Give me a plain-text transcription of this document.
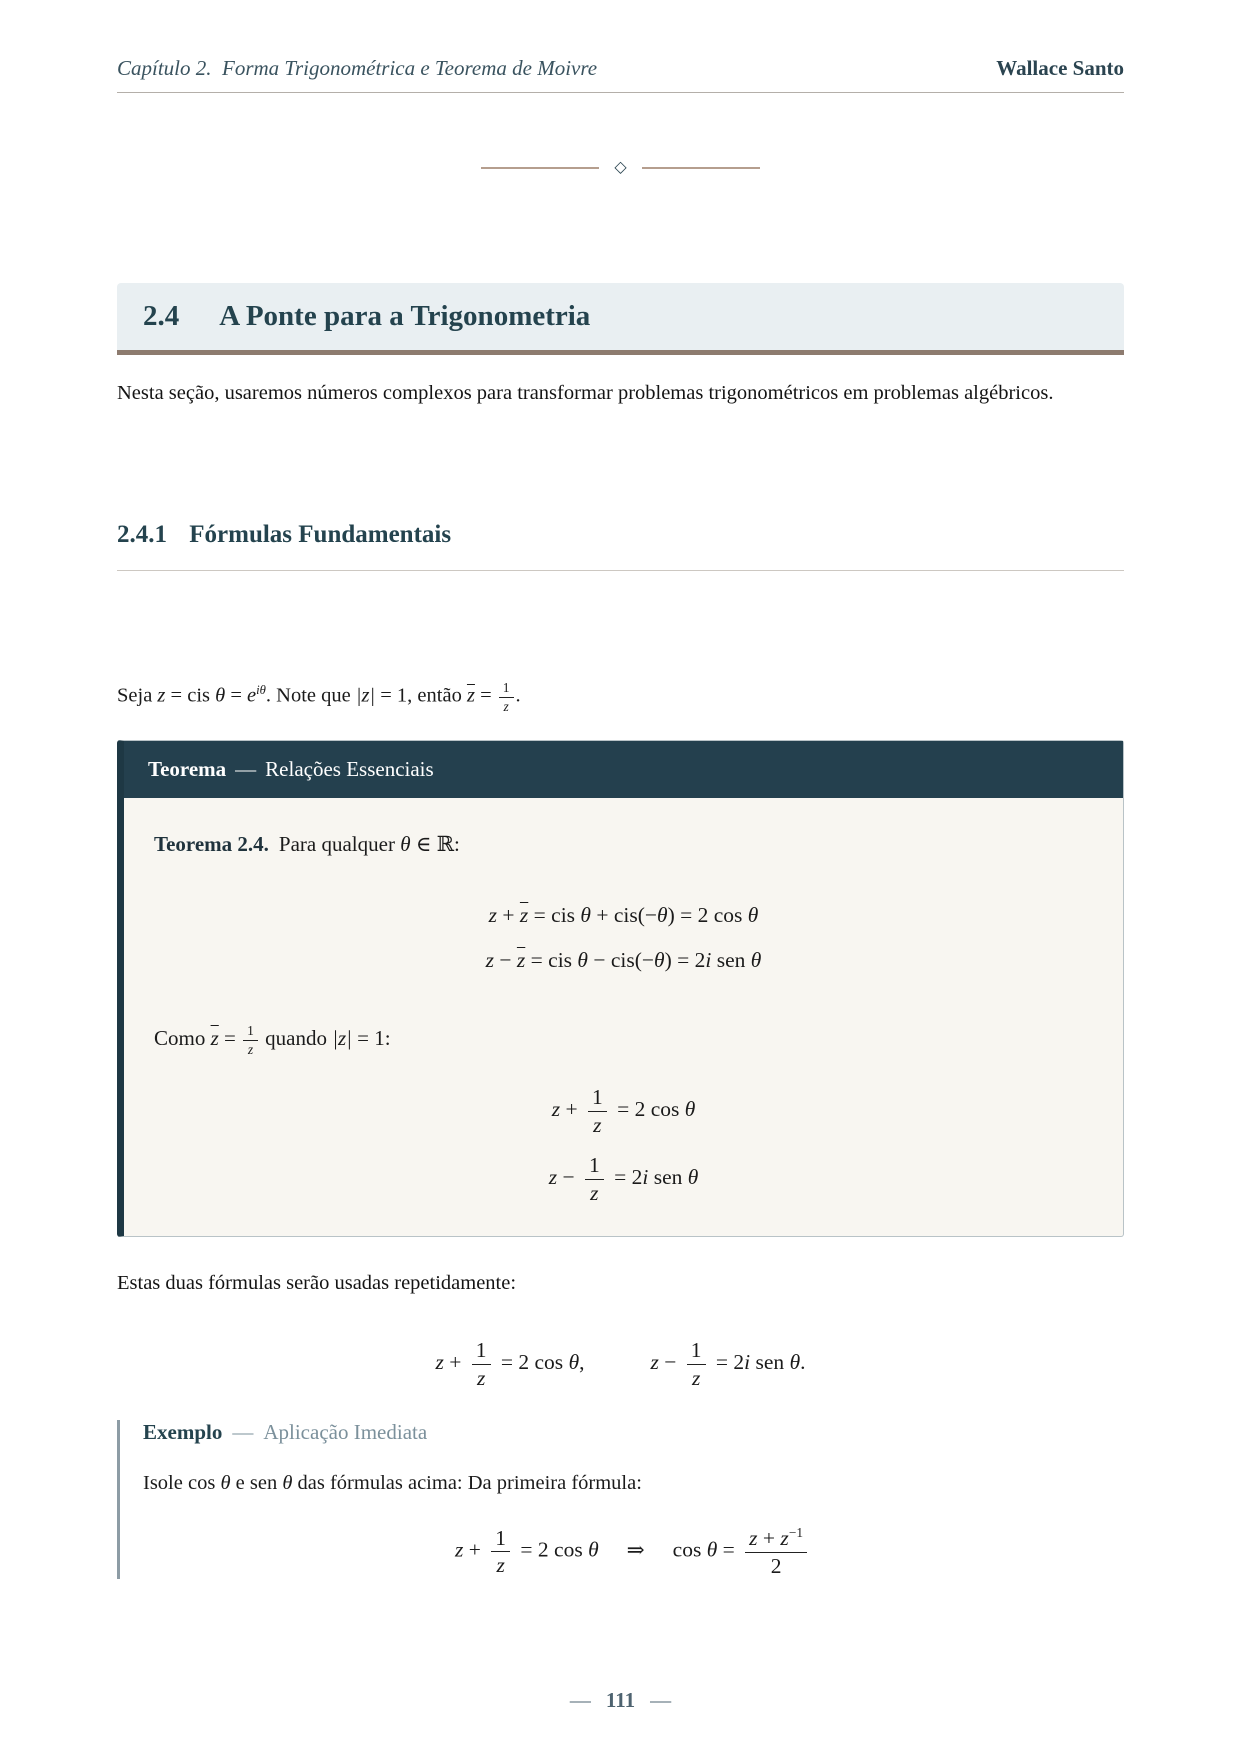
Capítulo 2. Forma Trigonométrica e Teorema de Moivre	Wallace Santo
◇
2.4 A Ponte para a Trigonometria

Nesta seção, usaremos números complexos para transformar problemas trigonométricos em problemas algébricos.

2.4.1 Fórmulas Fundamentais

Seja z = cis $\theta = e^{i\theta}$. Note que |z| = 1, então $\overline{z} = \frac{1}{z}$ .

Teorema — Relações Essenciais

Teorema 2.4. Para qualquer θ ∈ ℝ:

$z + \overline{z}$ = cis θ + cis(−θ) = 2 cos θ

$z - \overline{z}$ = cis θ − cis(−θ) = 2i sen θ

Como $\overline{z} = \frac{1}{z}$ quando |z| = 1:

$z + \frac{1}{z} = 2$ cos θ

$z - \frac{1}{z} = 2i$ sen θ

Estas duas fórmulas serão usadas repetidamente:

$z + \frac{1}{z} = 2$ cos θ,	$z - \frac{1}{z} = 2i$ sen θ.

Exemplo — Aplicação Imediata

Isole cos θ e sen θ das fórmulas acima: Da primeira fórmula:

$z + \frac{1}{z} = 2$ cos θ ⇒ $\cos \theta = \frac{z + z^{-1}}{2}$

— 111 —
